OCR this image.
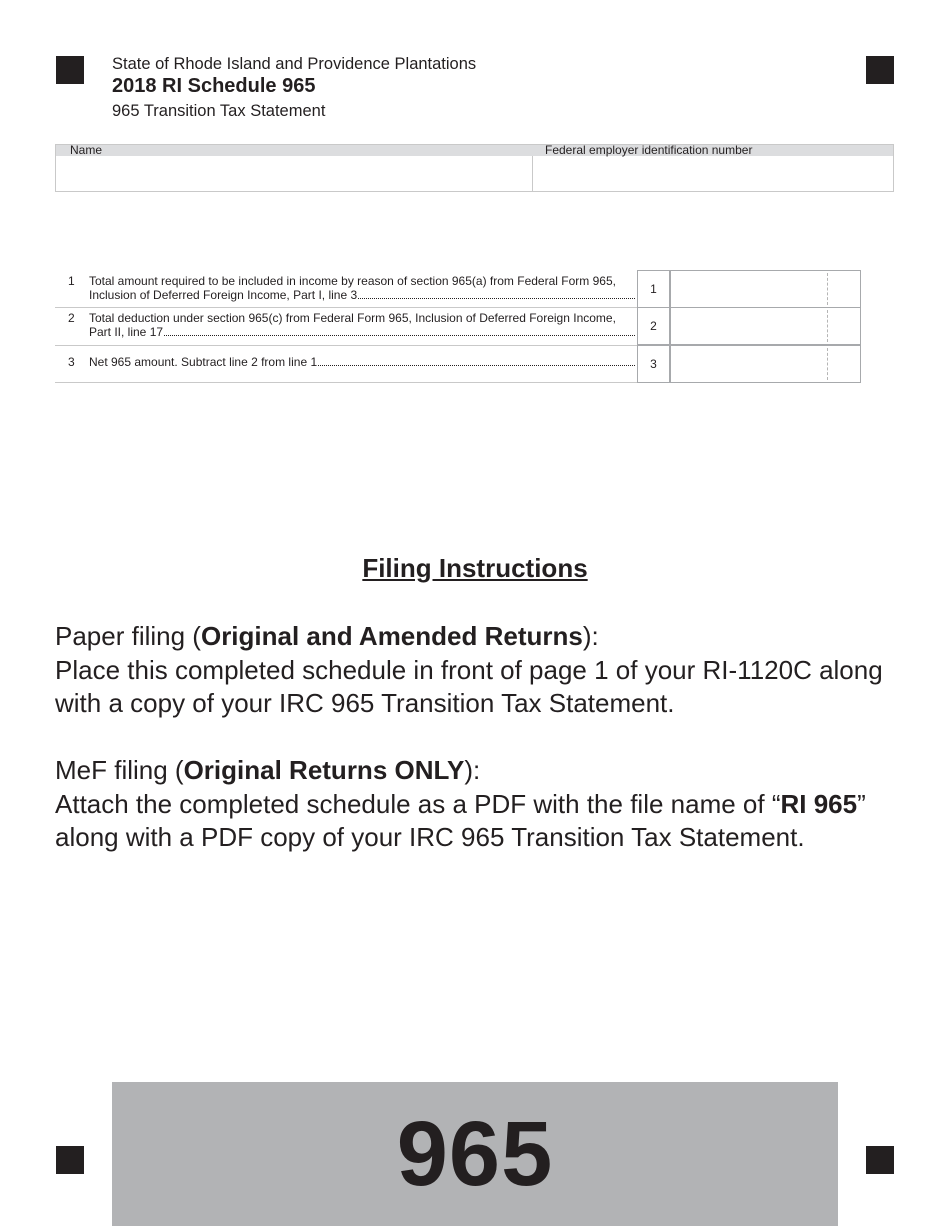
State of Rhode Island and Providence Plantations
2018 RI Schedule 965
965 Transition Tax Statement
Name	Federal employer identification number
1 Total amount required to be included in income by reason of section 965(a) from Federal Form 965,
Inclusion of Deferred Foreign Income, Part I, line 3	1
2 Total deduction under section 965(c) from Federal Form 965, Inclusion of Deferred Foreign Income,
Part II, line 17	2
3 Net 965 amount. Subtract line 2 from line 1	3
Filing Instructions

Paper filing (Original and Amended Returns):

Place this completed schedule in front of page 1 of your RI-1120C along with a copy of your IRC 965 Transition Tax Statement.

MeF filing (Original Returns ONLY):

Attach the completed schedule as a PDF with the file name of “RI 965” along with a PDF copy of your IRC 965 Transition Tax Statement.

965
